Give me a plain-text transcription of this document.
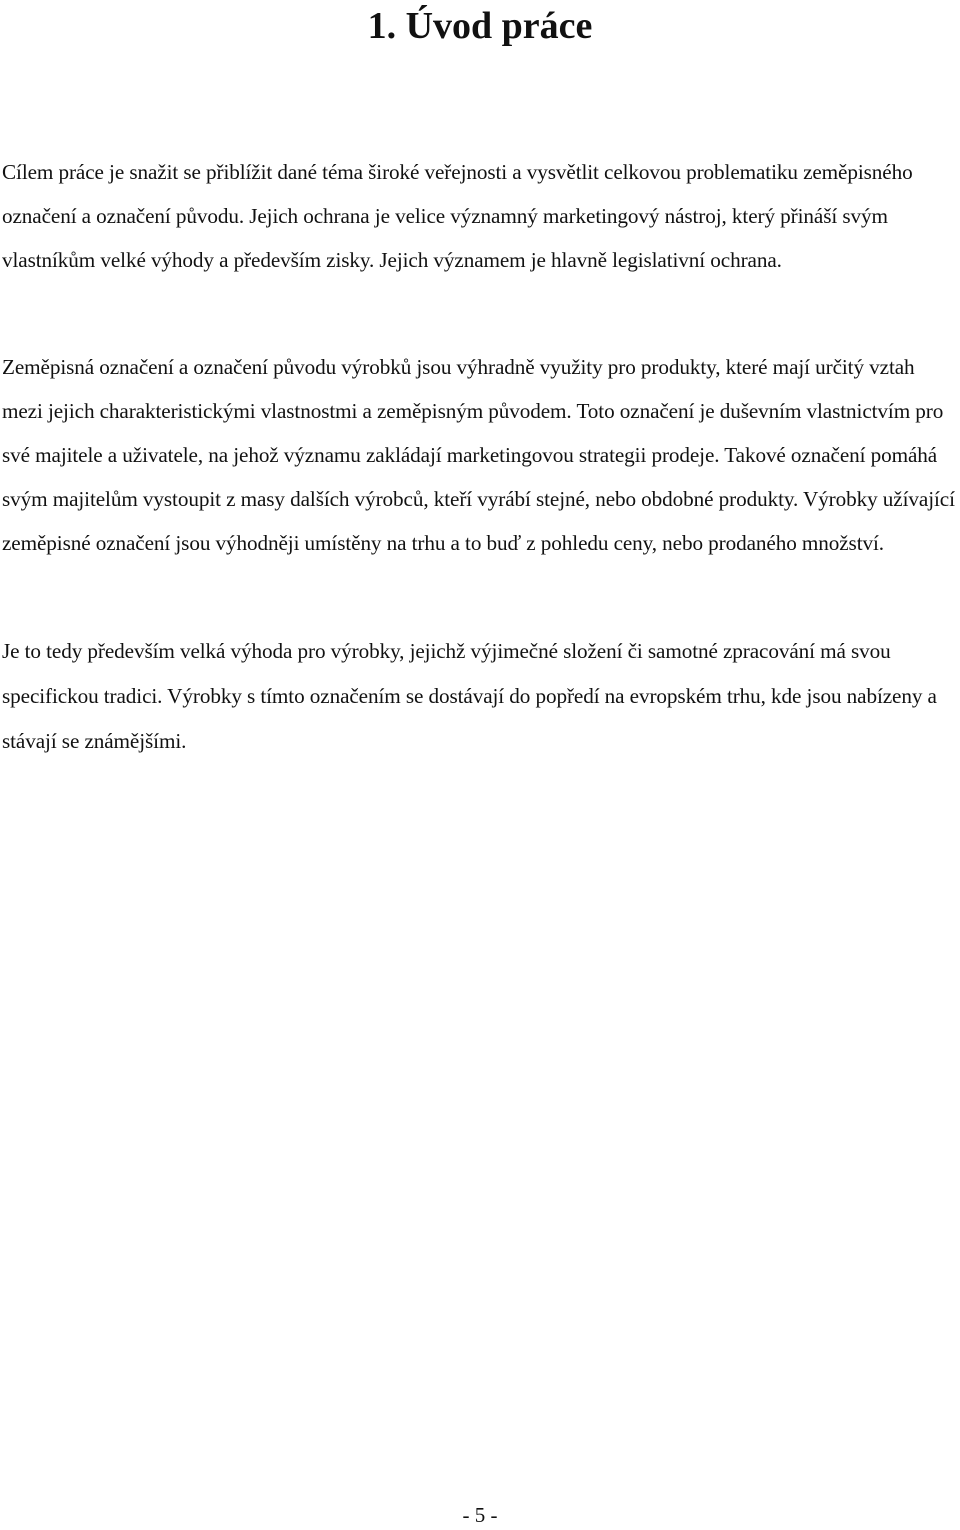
1. Úvod práce

Cílem práce je snažit se přiblížit dané téma široké veřejnosti a vysvětlit celkovou problematiku zeměpisného označení a označení původu. Jejich ochrana je velice významný marketingový nástroj, který přináší svým vlastníkům velké výhody a především zisky. Jejich významem je hlavně legislativní ochrana.

Zeměpisná označení a označení původu výrobků jsou výhradně využity pro produkty, které mají určitý vztah mezi jejich charakteristickými vlastnostmi a zeměpisným původem. Toto označení je duševním vlastnictvím pro své majitele a uživatele, na jehož významu zakládají marketingovou strategii prodeje. Takové označení pomáhá svým majitelům vystoupit z masy dalších výrobců, kteří vyrábí stejné, nebo obdobné produkty. Výrobky užívající zeměpisné označení jsou výhodněji umístěny na trhu a to buď z pohledu ceny, nebo prodaného množství.

Je to tedy především velká výhoda pro výrobky, jejichž výjimečné složení či samotné zpracování má svou specifickou tradici. Výrobky s tímto označením se dostávají do popředí na evropském trhu, kde jsou nabízeny a stávají se známějšími.

- 5 -
